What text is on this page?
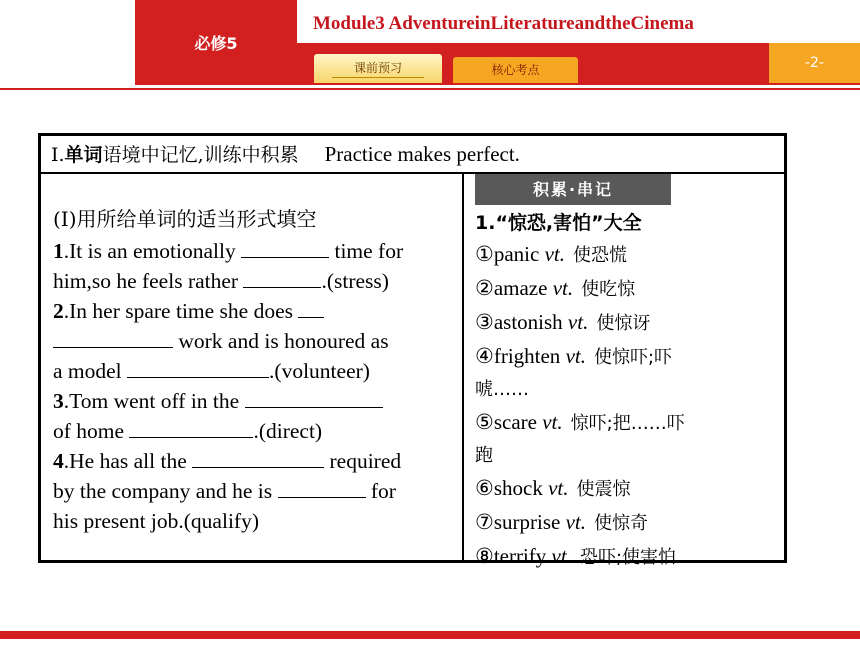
必修5
Module3 AdventureinLiteratureandtheCinema
课前预习	核心考点	-2-
Ⅰ.单词语境中记忆,训练中积累 Practice makes perfect.
(Ⅰ)用所给单词的适当形式填空
1.It is an emotionally	time for
him,so he feels rather	.(stress)
2.In her spare time she does
work and is honoured as
a model	.(volunteer)
3.Tom went off in the
of home	.(direct)
4.He has all the	required
by the company and he is	for
his present job.(qualify)
积累·串记
1.“惊恐,害怕”大全
①panic vt. 使恐慌
②amaze vt. 使吃惊
③astonish vt. 使惊讶
④frighten vt. 使惊吓;吓
唬……
⑤scare vt. 惊吓;把……吓
跑
⑥shock vt. 使震惊
⑦surprise vt. 使惊奇
⑧terrify vt. 恐吓;使害怕
